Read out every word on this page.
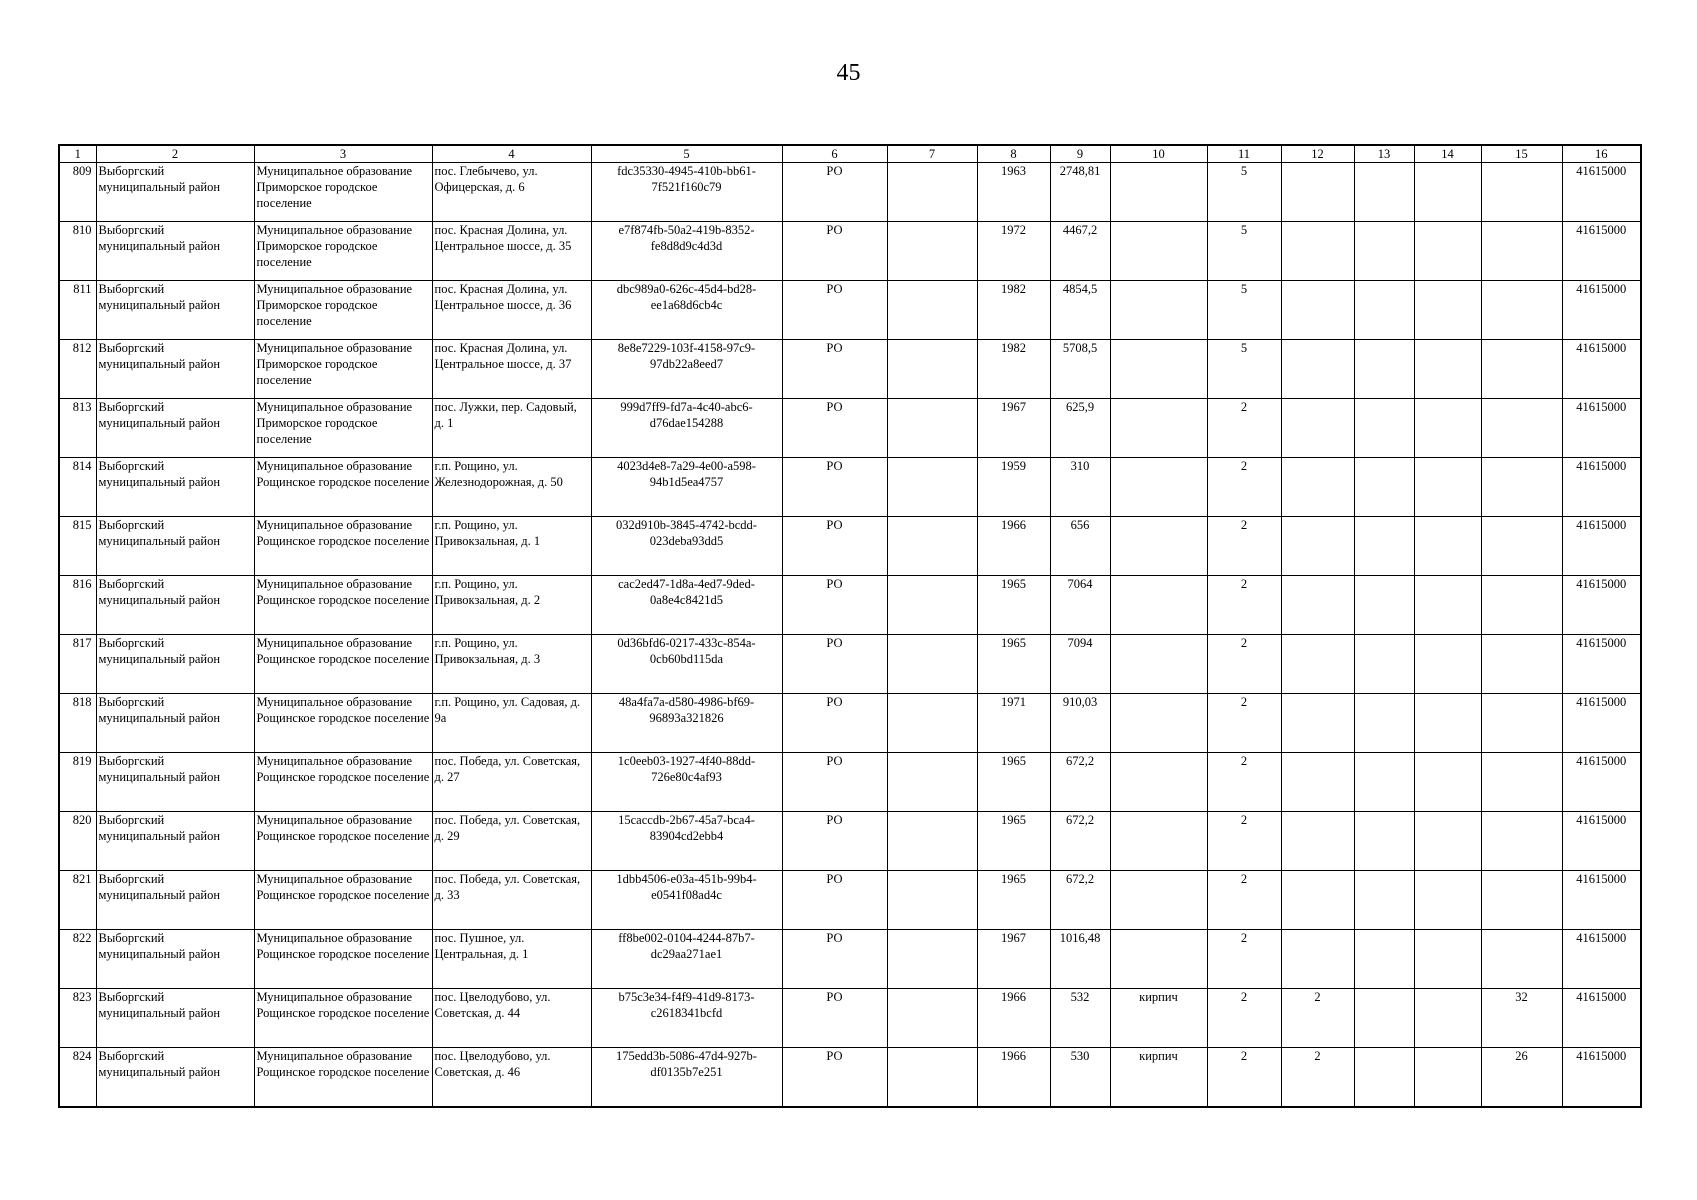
45
1	2	3	4	5	6	7	8	9	10	11	12	13	14	15	16
809	Выборгский муниципальный район	Муниципальное образование Приморское городское поселение	пос. Глебычево, ул. Офицерская, д. 6	fdc35330-4945-410b-bb61-7f521f160c79	РО		1963	2748,81		5					41615000
810	Выборгский муниципальный район	Муниципальное образование Приморское городское поселение	пос. Красная Долина, ул. Центральное шоссе, д. 35	e7f874fb-50a2-419b-8352-fe8d8d9c4d3d	РО		1972	4467,2		5					41615000
811	Выборгский муниципальный район	Муниципальное образование Приморское городское поселение	пос. Красная Долина, ул. Центральное шоссе, д. 36	dbc989a0-626c-45d4-bd28-ee1a68d6cb4c	РО		1982	4854,5		5					41615000
812	Выборгский муниципальный район	Муниципальное образование Приморское городское поселение	пос. Красная Долина, ул. Центральное шоссе, д. 37	8e8e7229-103f-4158-97c9-97db22a8eed7	РО		1982	5708,5		5					41615000
813	Выборгский муниципальный район	Муниципальное образование Приморское городское поселение	пос. Лужки, пер. Садовый, д. 1	999d7ff9-fd7a-4c40-abc6-d76dae154288	РО		1967	625,9		2					41615000
814	Выборгский муниципальный район	Муниципальное образование Рощинское городское поселение	г.п. Рощино, ул. Железнодорожная, д. 50	4023d4e8-7a29-4e00-a598-94b1d5ea4757	РО		1959	310		2					41615000
815	Выборгский муниципальный район	Муниципальное образование Рощинское городское поселение	г.п. Рощино, ул. Привокзальная, д. 1	032d910b-3845-4742-bcdd-023deba93dd5	РО		1966	656		2					41615000
816	Выборгский муниципальный район	Муниципальное образование Рощинское городское поселение	г.п. Рощино, ул. Привокзальная, д. 2	cac2ed47-1d8a-4ed7-9ded-0a8e4c8421d5	РО		1965	7064		2					41615000
817	Выборгский муниципальный район	Муниципальное образование Рощинское городское поселение	г.п. Рощино, ул. Привокзальная, д. 3	0d36bfd6-0217-433c-854a-0cb60bd115da	РО		1965	7094		2					41615000
818	Выборгский муниципальный район	Муниципальное образование Рощинское городское поселение	г.п. Рощино, ул. Садовая, д. 9а	48a4fa7a-d580-4986-bf69-96893a321826	РО		1971	910,03		2					41615000
819	Выборгский муниципальный район	Муниципальное образование Рощинское городское поселение	пос. Победа, ул. Советская, д. 27	1c0eeb03-1927-4f40-88dd-726e80c4af93	РО		1965	672,2		2					41615000
820	Выборгский муниципальный район	Муниципальное образование Рощинское городское поселение	пос. Победа, ул. Советская, д. 29	15caccdb-2b67-45a7-bca4-83904cd2ebb4	РО		1965	672,2		2					41615000
821	Выборгский муниципальный район	Муниципальное образование Рощинское городское поселение	пос. Победа, ул. Советская, д. 33	1dbb4506-e03a-451b-99b4-e0541f08ad4c	РО		1965	672,2		2					41615000
822	Выборгский муниципальный район	Муниципальное образование Рощинское городское поселение	пос. Пушное, ул. Центральная, д. 1	ff8be002-0104-4244-87b7-dc29aa271ae1	РО		1967	1016,48		2					41615000
823	Выборгский муниципальный район	Муниципальное образование Рощинское городское поселение	пос. Цвелодубово, ул. Советская, д. 44	b75c3e34-f4f9-41d9-8173-c2618341bcfd	РО		1966	532	кирпич	2	2			32	41615000
824	Выборгский муниципальный район	Муниципальное образование Рощинское городское поселение	пос. Цвелодубово, ул. Советская, д. 46	175edd3b-5086-47d4-927b-df0135b7e251	РО		1966	530	кирпич	2	2			26	41615000
